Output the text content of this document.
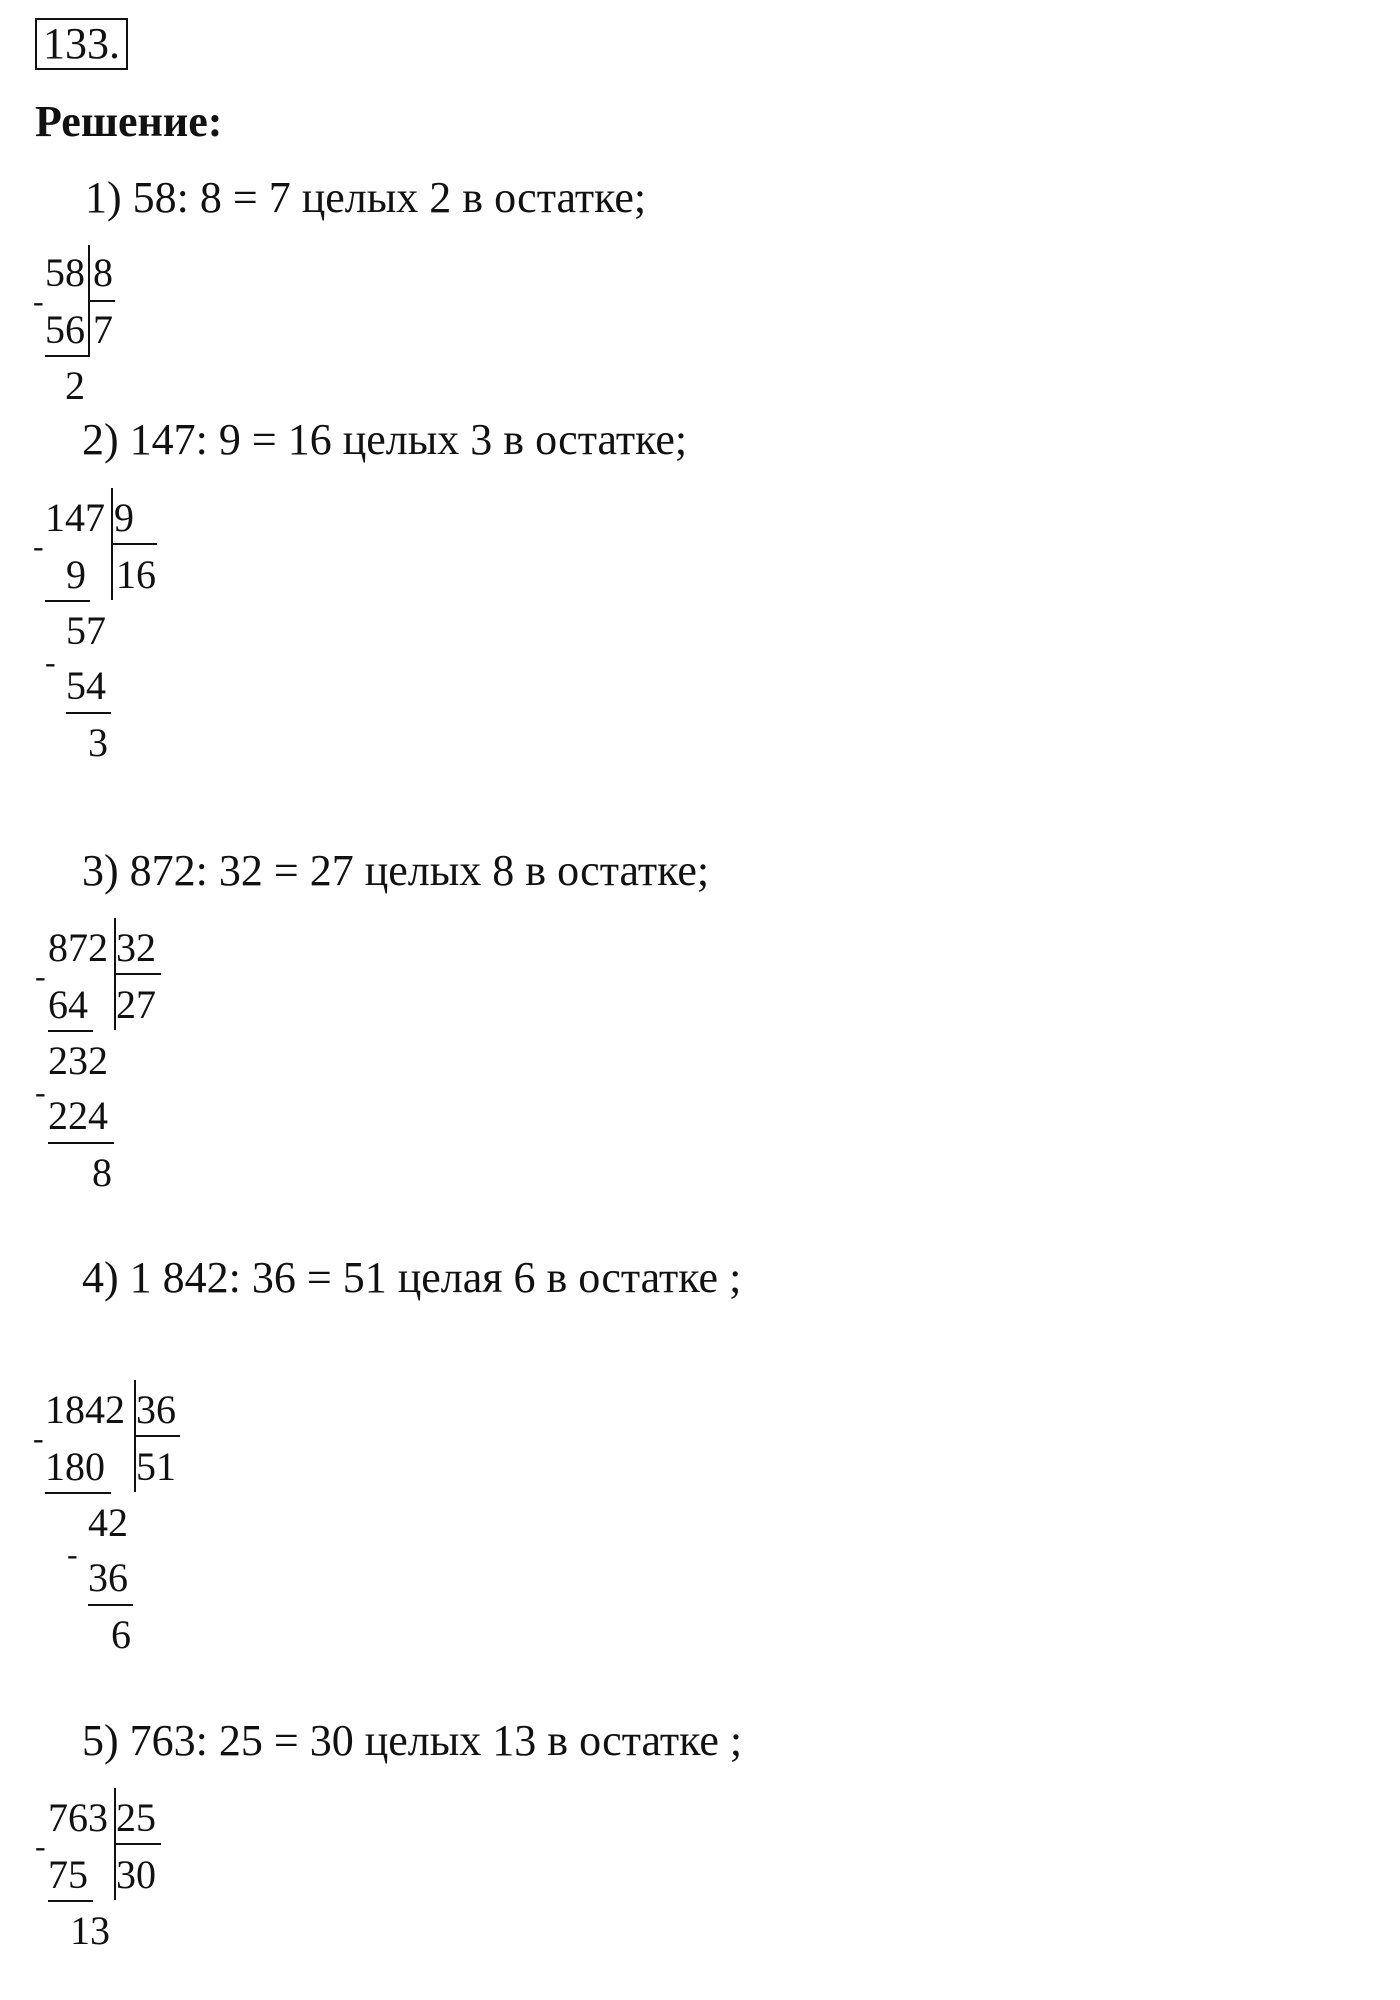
133.
Решение:
1) 58: 8 = 7 целых 2 в остатке;
58 8
7
-
56
2
2) 147: 9 = 16 целых 3 в остатке;
147 9
16
-
9
57
-
54
3
3) 872: 32 = 27 целых 8 в остатке;
872 32
27
-
64
232
-
224
8
4) 1 842: 36 = 51 целая 6 в остатке ;
1842 36
51
-
180
42
-
36
6
5) 763: 25 = 30 целых 13 в остатке ;
763 25
30
-
75
13
